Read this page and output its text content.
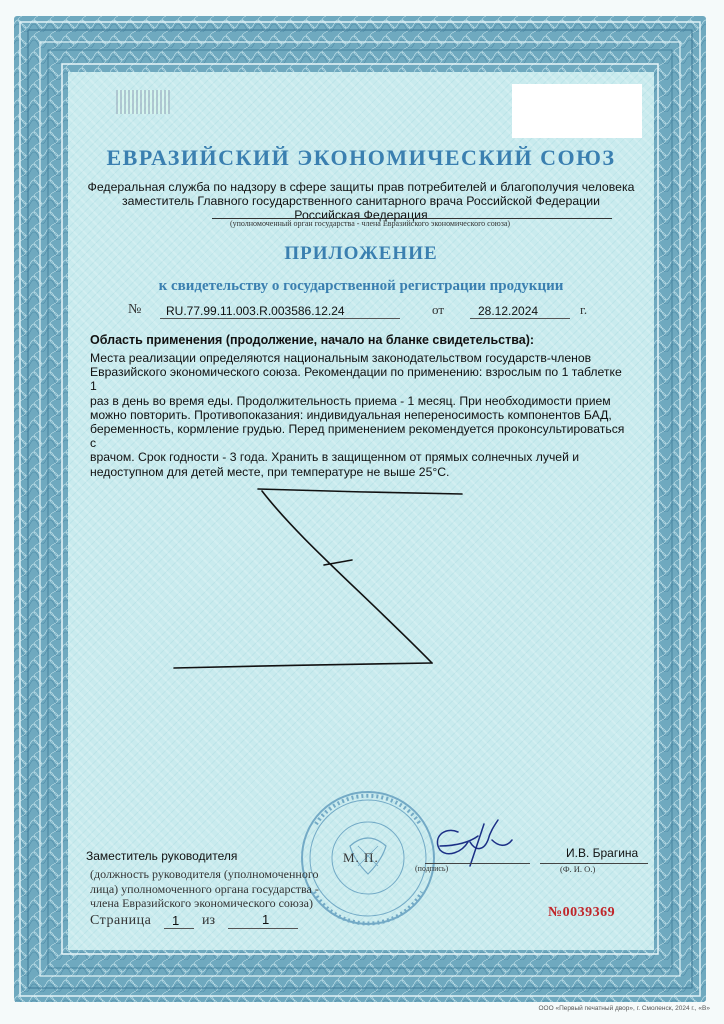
ЕВРАЗИЙСКИЙ ЭКОНОМИЧЕСКИЙ СОЮЗ
Федеральная служба по надзору в сфере защиты прав потребителей и благополучия человека
заместитель Главного государственного санитарного врача Российской Федерации
Российская Федерация
(уполномоченный орган государства - члена Евразийского экономического союза)
ПРИЛОЖЕНИЕ
к свидетельству о государственной регистрации продукции
№ RU.77.99.11.003.R.003586.12.24	от	28.12.2024	г.
Область применения (продолжение, начало на бланке свидетельства):
Места реализации определяются национальным законодательством государств-членов
Евразийского экономического союза. Рекомендации по применению: взрослым по 1 таблетке 1
раз в день во время еды. Продолжительность приема - 1 месяц. При необходимости прием
можно повторить. Противопоказания: индивидуальная непереносимость компонентов БАД,
беременность, кормление грудью. Перед применением рекомендуется проконсультироваться с
врачом. Срок годности - 3 года. Хранить в защищенном от прямых солнечных лучей и
недоступном для детей месте, при температуре не выше 25°С.
Заместитель руководителя	М. П.
(подпись)
И.В. Брагина
(Ф. И. О.)
(должность руководителя (уполномоченного
лица) уполномоченного органа государства -
члена Евразийского экономического союза)
Страница 1 из	1	№0039369
ООО «Первый печатный двор», г. Смоленск, 2024 г., «В»
